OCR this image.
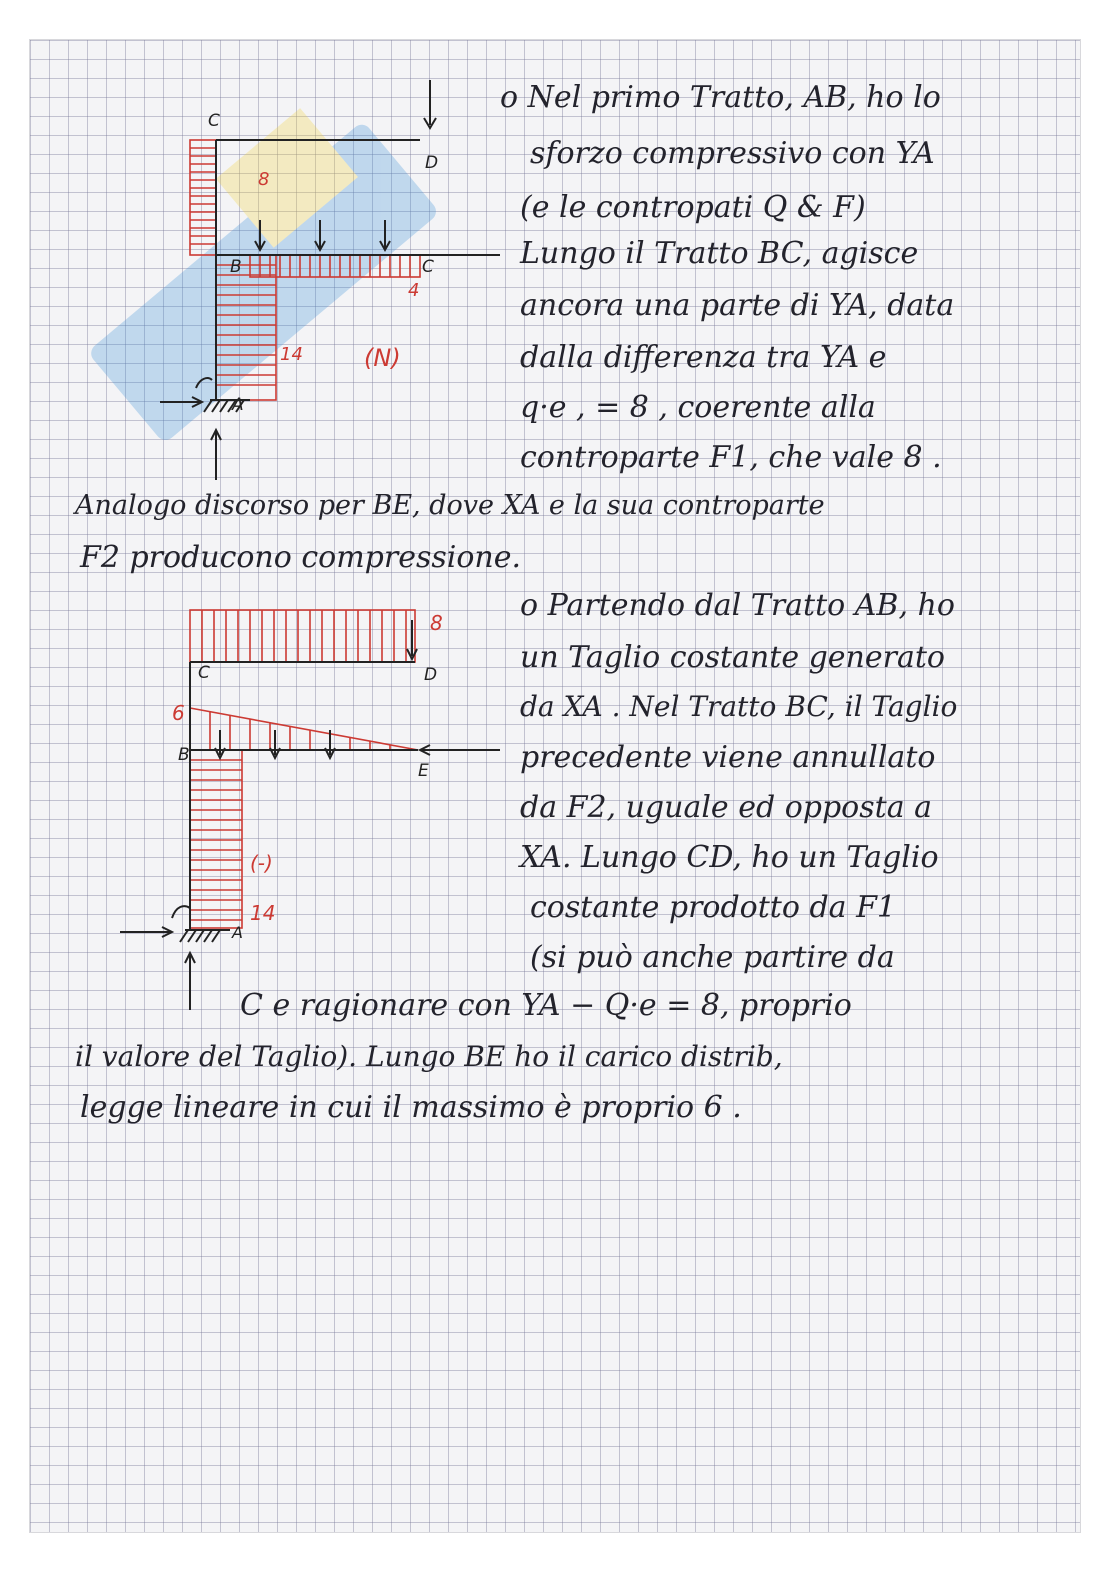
C
D
B	C
A
8
4
14	(N)
C	D
B
E
A
8
6
14
(-)
o Nel primo Tratto, AB, ho lo
sforzo compressivo con YA
(e le contropati Q & F)
Lungo il Tratto BC, agisce
ancora una parte di YA, data
dalla differenza tra YA e
q·e , = 8 , coerente alla
controparte F1, che vale 8 .
Analogo discorso per BE, dove XA e la sua controparte
F2 producono compressione.
o Partendo dal Tratto AB, ho
un Taglio costante generato
da XA . Nel Tratto BC, il Taglio
precedente viene annullato
da F2, uguale ed opposta a
XA. Lungo CD, ho un Taglio
costante prodotto da F1
(si può anche partire da
C e ragionare con YA − Q·e = 8, proprio
il valore del Taglio). Lungo BE ho il carico distrib,
legge lineare in cui il massimo è proprio 6 .
